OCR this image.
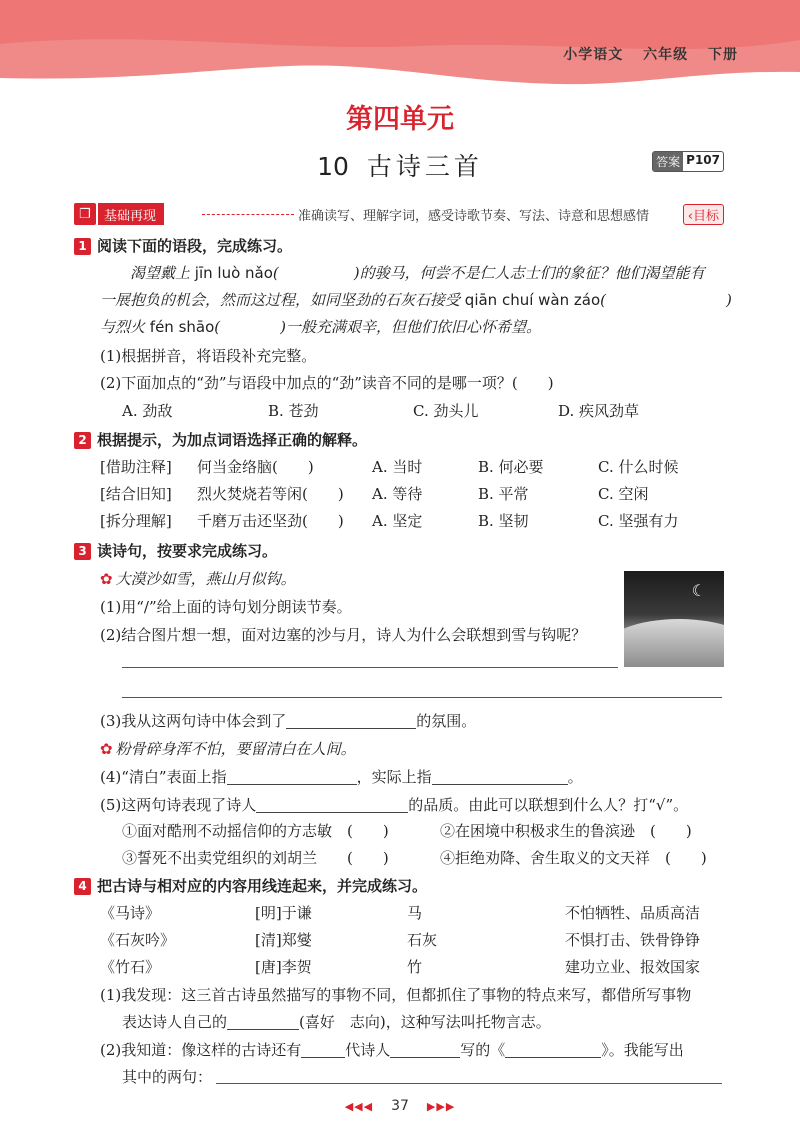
小学语文 六年级 下册
第四单元
10 古诗三首	答案 P107
❐	基础再现	准确读写、理解字词，感受诗歌节奏、写法、诗意和思想感情	‹目标
1 阅读下面的语段，完成练习。
渴望戴上 jīn luò nǎo(　　　　　)的骏马，何尝不是仁人志士们的象征？他们渴望能有
一展抱负的机会，然而这过程，如同坚劲的石灰石接受 qiān chuí wàn záo(　　　　　　　　)
与烈火 fén shāo(　　　　)一般充满艰辛，但他们依旧心怀希望。
(1)根据拼音，将语段补充完整。
(2)下面加点的“劲”与语段中加点的“劲”读音不同的是哪一项？(　　)
A. 劲敌	B. 苍劲	C. 劲头儿	D. 疾风劲草
2 根据提示，为加点词语选择正确的解释。
[借助注释] 何当金络脑(　　)	A. 当时	B. 何必要	C. 什么时候
[结合旧知] 烈火焚烧若等闲(　　) A. 等待	B. 平常	C. 空闲
[拆分理解] 千磨万击还坚劲(　　) A. 坚定	B. 坚韧	C. 坚强有力
3 读诗句，按要求完成练习。
✿ 大漠沙如雪，燕山月似钩。
☾
(1)用“/”给上面的诗句划分朗读节奏。
(2)结合图片想一想，面对边塞的沙与月，诗人为什么会联想到雪与钩呢？
(3)我从这两句诗中体会到了	的氛围。
✿ 粉骨碎身浑不怕，要留清白在人间。
(4)“清白”表面上指	，实际上指	。
(5)这两句诗表现了诗人	的品质。由此可以联想到什么人？打“√”。
①面对酷刑不动摇信仰的方志敏　(　　)	②在困境中积极求生的鲁滨逊　(　　)
③誓死不出卖党组织的刘胡兰　　(　　)	④拒绝劝降、舍生取义的文天祥　(　　)
4 把古诗与相对应的内容用线连起来，并完成练习。
《马诗》	[明]于谦	马	不怕牺牲、品质高洁
《石灰吟》	[清]郑燮	石灰	不惧打击、铁骨铮铮
《竹石》	[唐]李贺	竹	建功立业、报效国家
(1)我发现：这三首古诗虽然描写的事物不同，但都抓住了事物的特点来写，都借所写事物
表达诗人自己的	(喜好　志向)，这种写法叫托物言志。
(2)我知道：像这样的古诗还有	代诗人	写的《	》。我能写出
其中的两句：
◀◀◀ 37 ▶▶▶
